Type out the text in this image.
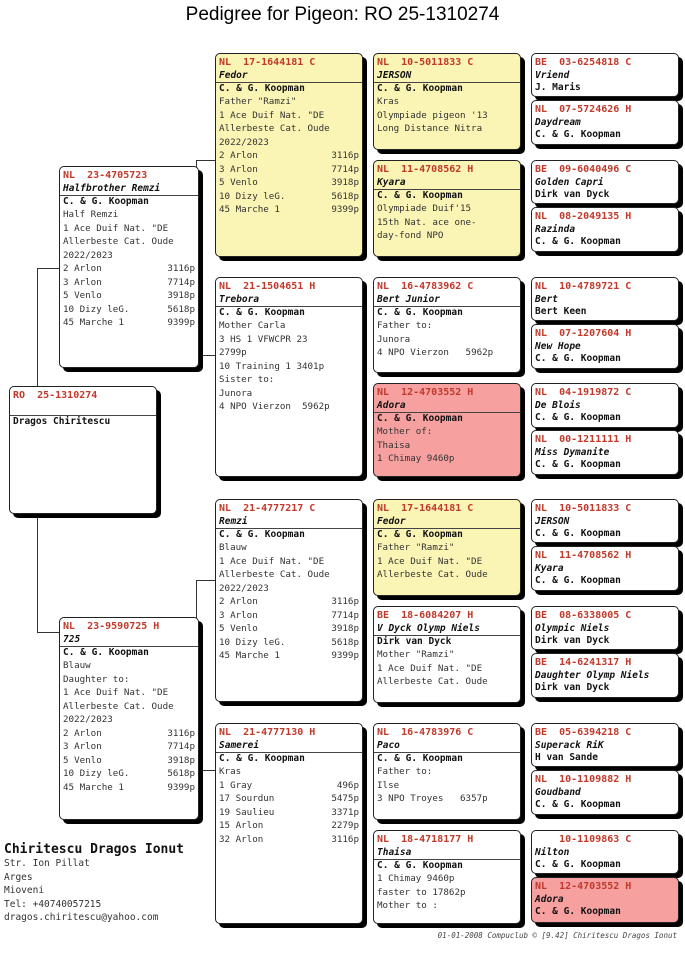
Pedigree for Pigeon: RO 25-1310274
RO  25-1310274
Dragos Chiritescu
NL  23-4705723
Halfbrother Remzi
C. & G. Koopman
Half Remzi
1 Ace Duif Nat. "DE
Allerbeste Cat. Oude
2022/2023
2 Arlon	3116p
3 Arlon	7714p
5 Venlo	3918p
10 Dizy leG.	5618p
45 Marche 1	9399p
NL  23-9590725 H
725
C. & G. Koopman
Blauw
Daughter to:
1 Ace Duif Nat. "DE
Allerbeste Cat. Oude
2022/2023
2 Arlon	3116p
3 Arlon	7714p
5 Venlo	3918p
10 Dizy leG.	5618p
45 Marche 1	9399p
NL  17-1644181 C
Fedor
C. & G. Koopman
Father "Ramzi"
1 Ace Duif Nat. "DE
Allerbeste Cat. Oude
2022/2023
2 Arlon	3116p
3 Arlon	7714p
5 Venlo	3918p
10 Dizy leG.	5618p
45 Marche 1	9399p
NL  21-1504651 H
Trebora
C. & G. Koopman
Mother Carla
3 HS 1 VFWCPR 23
2799p
10 Training 1 3401p
Sister to:
Junora
4 NPO Vierzon 5962p
NL  21-4777217 C
Remzi
C. & G. Koopman
Blauw
1 Ace Duif Nat. "DE
Allerbeste Cat. Oude
2022/2023
2 Arlon	3116p
3 Arlon	7714p
5 Venlo	3918p
10 Dizy leG.	5618p
45 Marche 1	9399p
NL  21-4777130 H
Samerei
C. & G. Koopman
Kras
1 Gray	496p
17 Sourdun	5475p
19 Saulieu	3371p
15 Arlon	2279p
32 Arlon	3116p
NL  10-5011833 C
JERSON
C. & G. Koopman
Kras
Olympiade pigeon '13
Long Distance Nitra
NL  11-4708562 H
Kyara
C. & G. Koopman
Olympiade Duif'15
15th Nat. ace one-
day-fond NPO
NL  16-4783962 C
Bert Junior
C. & G. Koopman
Father to:
Junora
4 NPO Vierzon 5962p
NL  12-4703552 H
Adora
C. & G. Koopman
Mother of:
Thaisa
1 Chimay 9460p
NL  17-1644181 C
Fedor
C. & G. Koopman
Father "Ramzi"
1 Ace Duif Nat. "DE
Allerbeste Cat. Oude
BE  18-6084207 H
V Dyck Olymp Niels
Dirk van Dyck
Mother "Ramzi"
1 Ace Duif Nat. "DE
Allerbeste Cat. Oude
NL  16-4783976 C
Paco
C. & G. Koopman
Father to:
Ilse
3 NPO Troyes 6357p
NL  18-4718177 H
Thaisa
C. & G. Koopman
1 Chimay 9460p
faster to 17862p
Mother to :
BE  03-6254818 C
Vriend
J. Maris
NL  07-5724626 H
Daydream
C. & G. Koopman
BE  09-6040496 C
Golden Capri
Dirk van Dyck
NL  08-2049135 H
Razinda
C. & G. Koopman
NL  10-4789721 C
Bert
Bert Keen
NL  07-1207604 H
New Hope
C. & G. Koopman
NL  04-1919872 C
De Blois
C. & G. Koopman
NL  00-1211111 H
Miss Dymanite
C. & G. Koopman
NL  10-5011833 C
JERSON
C. & G. Koopman
NL  11-4708562 H
Kyara
C. & G. Koopman
BE  08-6338005 C
Olympic Niels
Dirk van Dyck
BE  14-6241317 H
Daughter Olymp Niels
Dirk van Dyck
BE  05-6394218 C
Superack RiK
H van Sande
NL  10-1109882 H
Goudband
C. & G. Koopman
10-1109863 C
Nilton
C. & G. Koopman
NL  12-4703552 H
Adora
C. & G. Koopman
Chiritescu Dragos Ionut
Str. Ion Pillat
Arges
Mioveni
Tel: +40740057215
dragos.chiritescu@yahoo.com
01-01-2008 Compuclub © [9.42] Chiritescu Dragos Ionut
